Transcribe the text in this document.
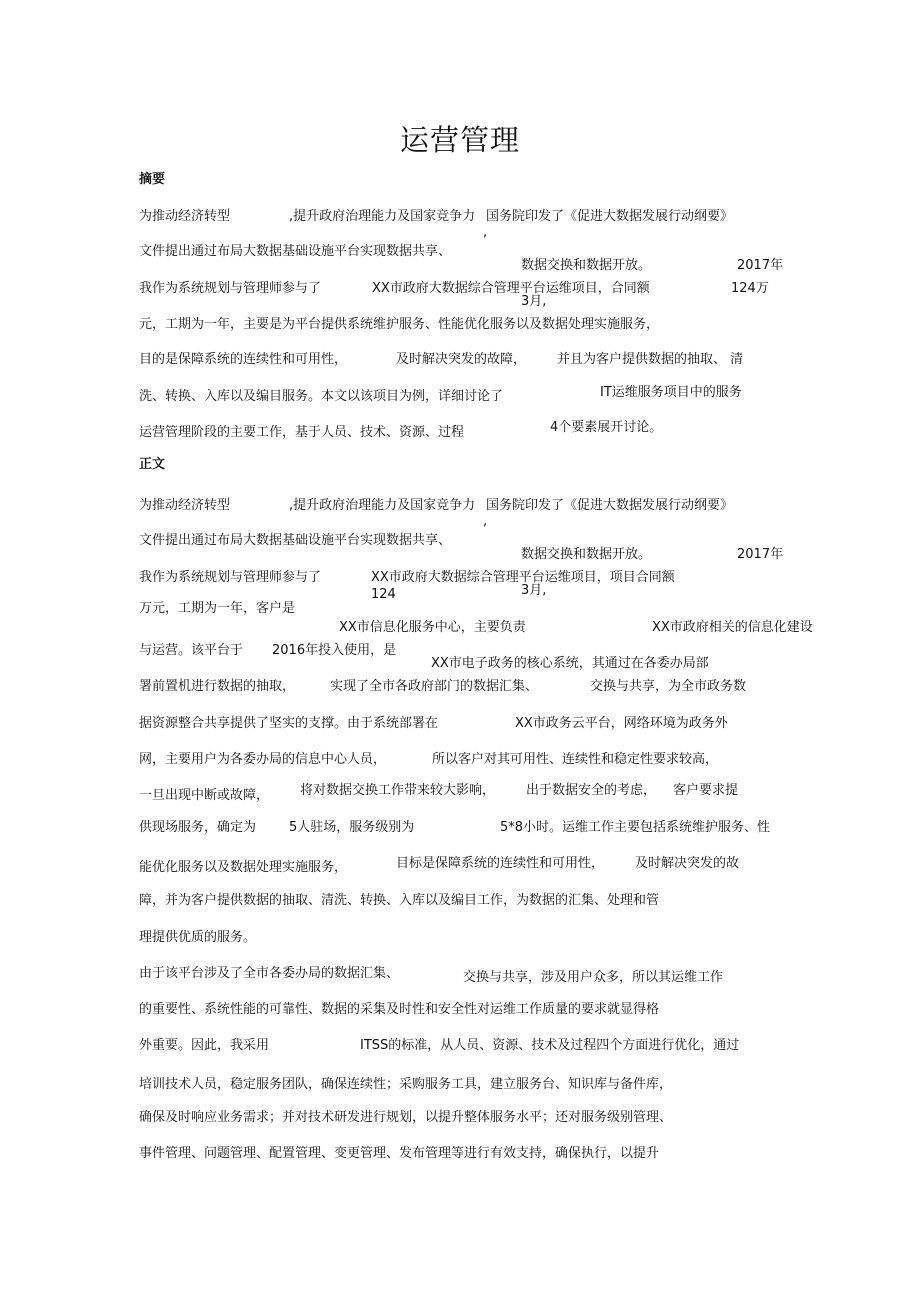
运营管理
摘要
为推动经济转型	,提升政府治理能力及国家竞争力 国务院印发了《促进大数据发展行动纲要》
,
文件提出通过布局大数据基础设施平台实现数据共享、
数据交换和数据开放。	2017年
我作为系统规划与管理师参与了	XX市政府大数据综合管理平台运维项目，合同额	124万
3月,
元，工期为一年，主要是为平台提供系统维护服务、性能优化服务以及数据处理实施服务，
目的是保障系统的连续性和可用性，	及时解决突发的故障， 并且为客户提供数据的抽取、 清
洗、转换、入库以及编目服务。本文以该项目为例，详细讨论了	IT运维服务项目中的服务
运营管理阶段的主要工作，基于人员、技术、资源、过程	4个要素展开讨论。
正文
为推动经济转型	,提升政府治理能力及国家竞争力 国务院印发了《促进大数据发展行动纲要》
,
文件提出通过布局大数据基础设施平台实现数据共享、
数据交换和数据开放。	2017年
我作为系统规划与管理师参与了	XX市政府大数据综合管理平台运维项目，项目合同额
124	3月,
万元，工期为一年，客户是
XX市信息化服务中心，主要负责	XX市政府相关的信息化建设
与运营。该平台于 2016年投入使用，是
XX市电子政务的核心系统，其通过在各委办局部
署前置机进行数据的抽取，	实现了全市各政府部门的数据汇集、	交换与共享，为全市政务数
据资源整合共享提供了坚实的支撑。由于系统部署在	XX市政务云平台，网络环境为政务外
网，主要用户为各委办局的信息中心人员，	所以客户对其可用性、连续性和稳定性要求较高，
一旦出现中断或故障， 将对数据交换工作带来较大影响， 出于数据安全的考虑， 客户要求提
供现场服务，确定为	5人驻场，服务级别为	5*8小时。运维工作主要包括系统维护服务、性
能优化服务以及数据处理实施服务，	目标是保障系统的连续性和可用性， 及时解决突发的故
障，并为客户提供数据的抽取、清洗、转换、入库以及编目工作，为数据的汇集、处理和管
理提供优质的服务。
由于该平台涉及了全市各委办局的数据汇集、	交换与共享，涉及用户众多，所以其运维工作
的重要性、系统性能的可靠性、数据的采集及时性和安全性对运维工作质量的要求就显得格
外重要。因此，我采用	ITSS的标准，从人员、资源、技术及过程四个方面进行优化，通过
培训技术人员，稳定服务团队，确保连续性；采购服务工具，建立服务台、知识库与备件库，
确保及时响应业务需求；并对技术研发进行规划，以提升整体服务水平；还对服务级别管理、
事件管理、问题管理、配置管理、变更管理、发布管理等进行有效支持，确保执行，以提升
